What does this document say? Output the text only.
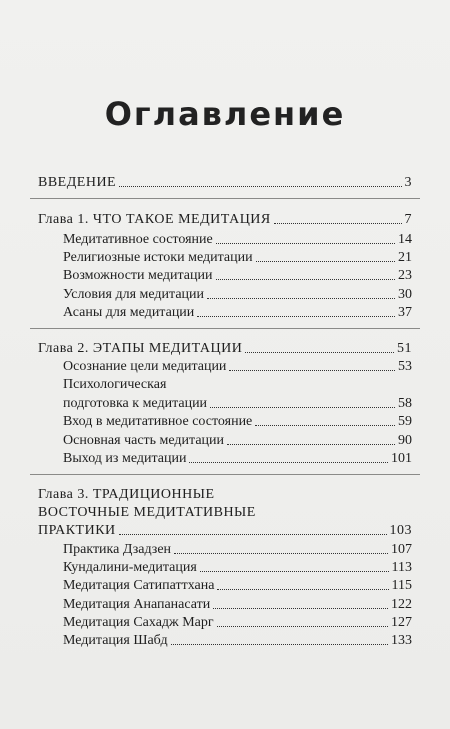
Оглавление
ВВЕДЕНИЕ	3
Глава 1. ЧТО ТАКОЕ МЕДИТАЦИЯ	7
Медитативное состояние	14
Религиозные истоки медитации	21
Возможности медитации	23
Условия для медитации	30
Асаны для медитации	37
Глава 2. ЭТАПЫ МЕДИТАЦИИ	51
Осознание цели медитации	53
Психологическая
подготовка к медитации	58
Вход в медитативное состояние	59
Основная часть медитации	90
Выход из медитации	101
Глава 3. ТРАДИЦИОННЫЕ
ВОСТОЧНЫЕ МЕДИТАТИВНЫЕ
ПРАКТИКИ	103
Практика Дзадзен	107
Кундалини-медитация	113
Медитация Сатипаттхана	115
Медитация Анапанасати	122
Медитация Сахадж Марг	127
Медитация Шабд	133
